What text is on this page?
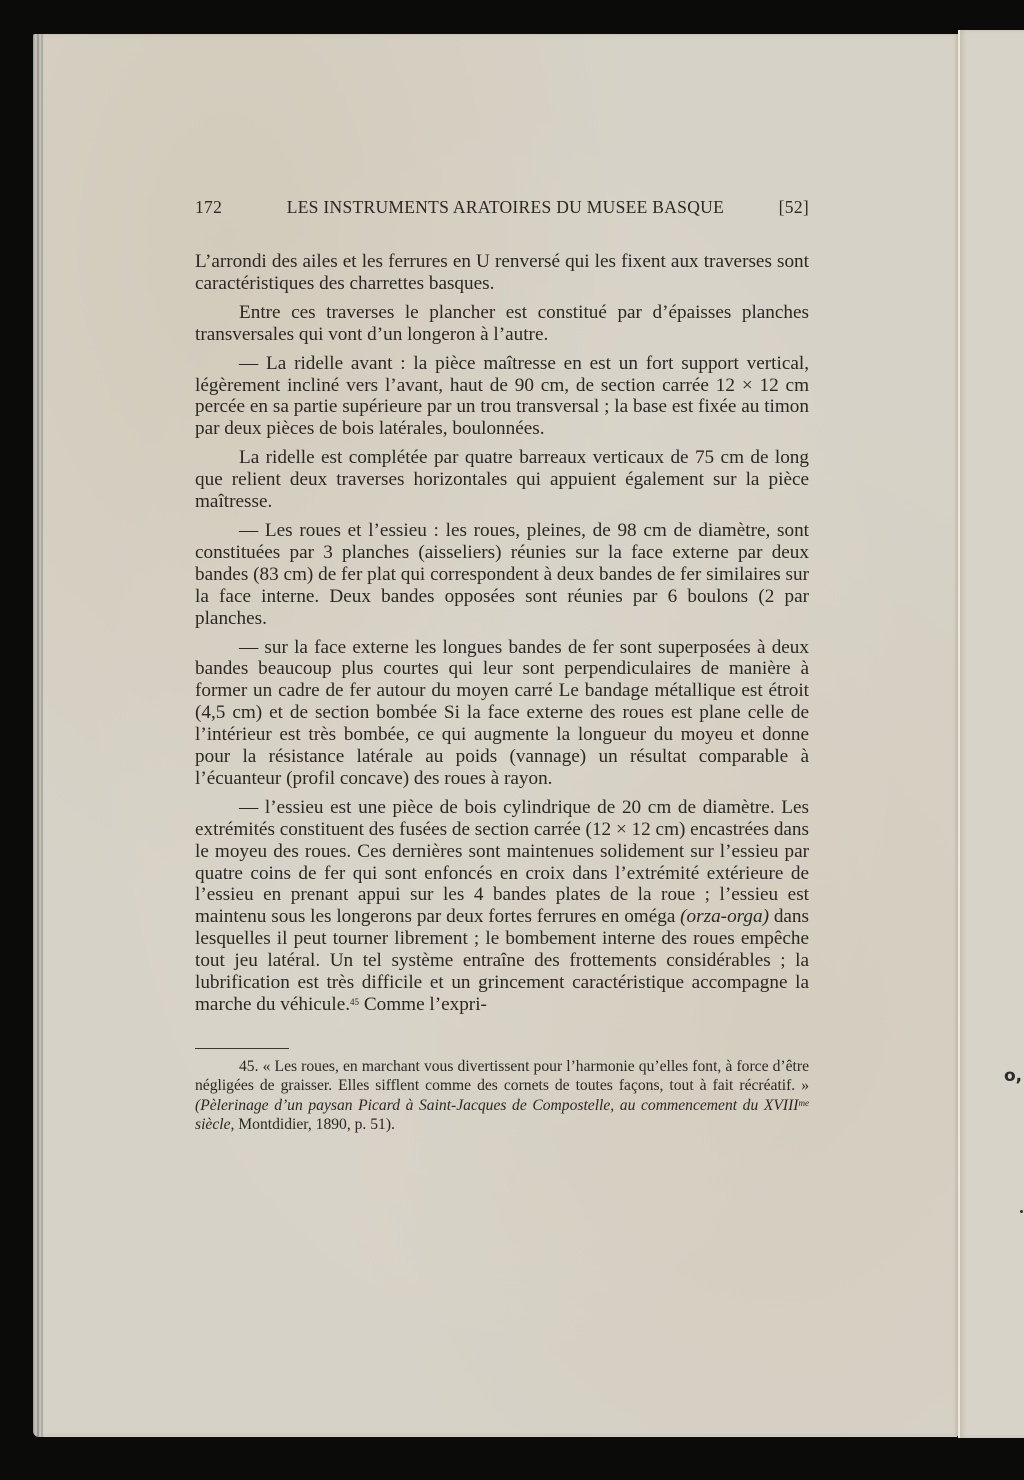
o,
172	LES INSTRUMENTS ARATOIRES DU MUSEE BASQUE	[52]

L’arrondi des ailes et les ferrures en U renversé qui les fixent aux traverses sont caractéristiques des charrettes basques.

Entre ces traverses le plancher est constitué par d’épaisses planches transversales qui vont d’un longeron à l’autre.

— La ridelle avant : la pièce maîtresse en est un fort support vertical, légèrement incliné vers l’avant, haut de 90 cm, de section carrée 12 × 12 cm percée en sa partie supérieure par un trou transversal ; la base est fixée au timon par deux pièces de bois latérales, boulonnées.

La ridelle est complétée par quatre barreaux verticaux de 75 cm de long que relient deux traverses horizontales qui appuient également sur la pièce maîtresse.

— Les roues et l’essieu : les roues, pleines, de 98 cm de diamètre, sont constituées par 3 planches (aisseliers) réunies sur la face externe par deux bandes (83 cm) de fer plat qui correspondent à deux bandes de fer similaires sur la face interne. Deux bandes opposées sont réunies par 6 boulons (2 par planches.

— sur la face externe les longues bandes de fer sont superposées à deux bandes beaucoup plus courtes qui leur sont perpendiculaires de manière à former un cadre de fer autour du moyen carré Le bandage métallique est étroit (4,5 cm) et de section bombée Si la face externe des roues est plane celle de l’intérieur est très bombée, ce qui augmente la longueur du moyeu et donne pour la résistance latérale au poids (vannage) un résultat comparable à l’écuanteur (profil concave) des roues à rayon.

— l’essieu est une pièce de bois cylindrique de 20 cm de diamètre. Les extrémités constituent des fusées de section carrée (12 × 12 cm) encastrées dans le moyeu des roues. Ces dernières sont maintenues solidement sur l’essieu par quatre coins de fer qui sont enfoncés en croix dans l’extrémité extérieure de l’essieu en prenant appui sur les 4 bandes plates de la roue ; l’essieu est maintenu sous les longerons par deux fortes ferrures en oméga (orza-orga) dans lesquelles il peut tourner librement ; le bombement interne des roues empêche tout jeu latéral. Un tel système entraîne des frottements considérables ; la lubrification est très difficile et un grincement caractéristique accompagne la marche du véhicule.$^{45}$ Comme l’expri-

45. « Les roues, en marchant vous divertissent pour l’harmonie qu’elles font, à force d’être négligées de graisser. Elles sifflent comme des cornets de toutes façons, tout à fait récréatif. » (Pèlerinage d’un paysan Picard à Saint-Jacques de Compostelle, au commencement du $XVIII^{me}$ siècle, Montdidier, 1890, p. 51).
